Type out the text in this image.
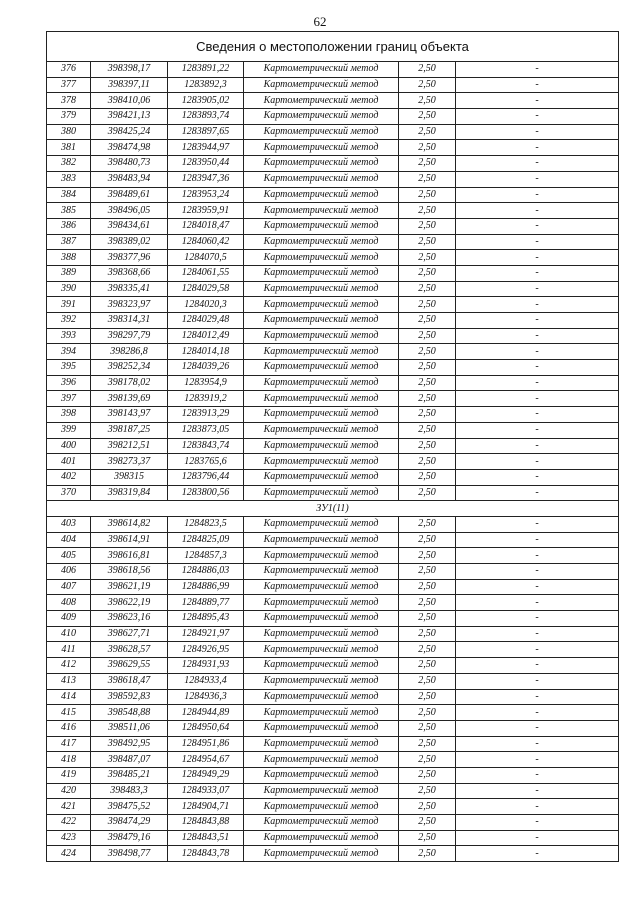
62
Сведения о местоположении границ объекта					
376	398398,17	1283891,22	Картометрический метод	2,50	-
377	398397,11	1283892,3	Картометрический метод	2,50	-
378	398410,06	1283905,02	Картометрический метод	2,50	-
379	398421,13	1283893,74	Картометрический метод	2,50	-
380	398425,24	1283897,65	Картометрический метод	2,50	-
381	398474,98	1283944,97	Картометрический метод	2,50	-
382	398480,73	1283950,44	Картометрический метод	2,50	-
383	398483,94	1283947,36	Картометрический метод	2,50	-
384	398489,61	1283953,24	Картометрический метод	2,50	-
385	398496,05	1283959,91	Картометрический метод	2,50	-
386	398434,61	1284018,47	Картометрический метод	2,50	-
387	398389,02	1284060,42	Картометрический метод	2,50	-
388	398377,96	1284070,5	Картометрический метод	2,50	-
389	398368,66	1284061,55	Картометрический метод	2,50	-
390	398335,41	1284029,58	Картометрический метод	2,50	-
391	398323,97	1284020,3	Картометрический метод	2,50	-
392	398314,31	1284029,48	Картометрический метод	2,50	-
393	398297,79	1284012,49	Картометрический метод	2,50	-
394	398286,8	1284014,18	Картометрический метод	2,50	-
395	398252,34	1284039,26	Картометрический метод	2,50	-
396	398178,02	1283954,9	Картометрический метод	2,50	-
397	398139,69	1283919,2	Картометрический метод	2,50	-
398	398143,97	1283913,29	Картометрический метод	2,50	-
399	398187,25	1283873,05	Картометрический метод	2,50	-
400	398212,51	1283843,74	Картометрический метод	2,50	-
401	398273,37	1283765,6	Картометрический метод	2,50	-
402	398315	1283796,44	Картометрический метод	2,50	-
370	398319,84	1283800,56	Картометрический метод	2,50	-
ЗУ1(11)					
403	398614,82	1284823,5	Картометрический метод	2,50	-
404	398614,91	1284825,09	Картометрический метод	2,50	-
405	398616,81	1284857,3	Картометрический метод	2,50	-
406	398618,56	1284886,03	Картометрический метод	2,50	-
407	398621,19	1284886,99	Картометрический метод	2,50	-
408	398622,19	1284889,77	Картометрический метод	2,50	-
409	398623,16	1284895,43	Картометрический метод	2,50	-
410	398627,71	1284921,97	Картометрический метод	2,50	-
411	398628,57	1284926,95	Картометрический метод	2,50	-
412	398629,55	1284931,93	Картометрический метод	2,50	-
413	398618,47	1284933,4	Картометрический метод	2,50	-
414	398592,83	1284936,3	Картометрический метод	2,50	-
415	398548,88	1284944,89	Картометрический метод	2,50	-
416	398511,06	1284950,64	Картометрический метод	2,50	-
417	398492,95	1284951,86	Картометрический метод	2,50	-
418	398487,07	1284954,67	Картометрический метод	2,50	-
419	398485,21	1284949,29	Картометрический метод	2,50	-
420	398483,3	1284933,07	Картометрический метод	2,50	-
421	398475,52	1284904,71	Картометрический метод	2,50	-
422	398474,29	1284843,88	Картометрический метод	2,50	-
423	398479,16	1284843,51	Картометрический метод	2,50	-
424	398498,77	1284843,78	Картометрический метод	2,50	-
